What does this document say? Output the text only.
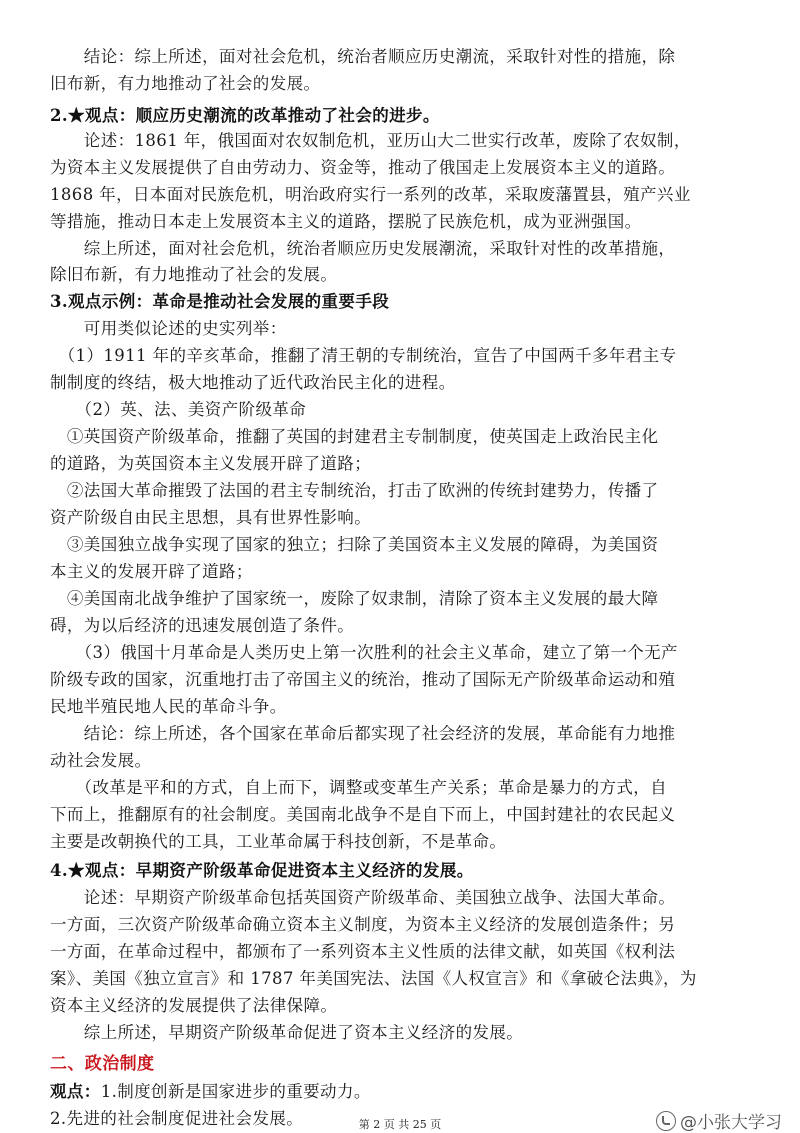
　　结论：综上所述，面对社会危机，统治者顺应历史潮流，采取针对性的措施，除
旧布新，有力地推动了社会的发展。
2.★观点：顺应历史潮流的改革推动了社会的进步。
　　论述：1861 年，俄国面对农奴制危机，亚历山大二世实行改革，废除了农奴制，
为资本主义发展提供了自由劳动力、资金等，推动了俄国走上发展资本主义的道路。
1868 年，日本面对民族危机，明治政府实行一系列的改革，采取废藩置县，殖产兴业
等措施，推动日本走上发展资本主义的道路，摆脱了民族危机，成为亚洲强国。
　　综上所述，面对社会危机，统治者顺应历史发展潮流，采取针对性的改革措施，
除旧布新，有力地推动了社会的发展。
3.观点示例：革命是推动社会发展的重要手段
　　可用类似论述的史实列举：
　（1）1911 年的辛亥革命，推翻了清王朝的专制统治，宣告了中国两千多年君主专
制制度的终结，极大地推动了近代政治民主化的进程。
　　（2）英、法、美资产阶级革命
　①英国资产阶级革命，推翻了英国的封建君主专制制度，使英国走上政治民主化
的道路，为英国资本主义发展开辟了道路；
　②法国大革命摧毁了法国的君主专制统治，打击了欧洲的传统封建势力，传播了
资产阶级自由民主思想，具有世界性影响。
　③美国独立战争实现了国家的独立；扫除了美国资本主义发展的障碍，为美国资
本主义的发展开辟了道路；
　④美国南北战争维护了国家统一，废除了奴隶制，清除了资本主义发展的最大障
碍，为以后经济的迅速发展创造了条件。
　　（3）俄国十月革命是人类历史上第一次胜利的社会主义革命，建立了第一个无产
阶级专政的国家，沉重地打击了帝国主义的统治，推动了国际无产阶级革命运动和殖
民地半殖民地人民的革命斗争。
　　结论：综上所述，各个国家在革命后都实现了社会经济的发展，革命能有力地推
动社会发展。
　　（改革是平和的方式，自上而下，调整或变革生产关系；革命是暴力的方式，自
下而上，推翻原有的社会制度。美国南北战争不是自下而上，中国封建社的农民起义
主要是改朝换代的工具，工业革命属于科技创新，不是革命。
4.★观点：早期资产阶级革命促进资本主义经济的发展。
　　论述：早期资产阶级革命包括英国资产阶级革命、美国独立战争、法国大革命。
一方面，三次资产阶级革命确立资本主义制度，为资本主义经济的发展创造条件；另
一方面，在革命过程中，都颁布了一系列资本主义性质的法律文献，如英国《权利法
案》、美国《独立宣言》和 1787 年美国宪法、法国《人权宣言》和《拿破仑法典》，为
资本主义经济的发展提供了法律保障。
　　综上所述，早期资产阶级革命促进了资本主义经济的发展。
二、政治制度
观点：1.制度创新是国家进步的重要动力。
2.先进的社会制度促进社会发展。	第 2 页 共 25 页	@小张大学习
